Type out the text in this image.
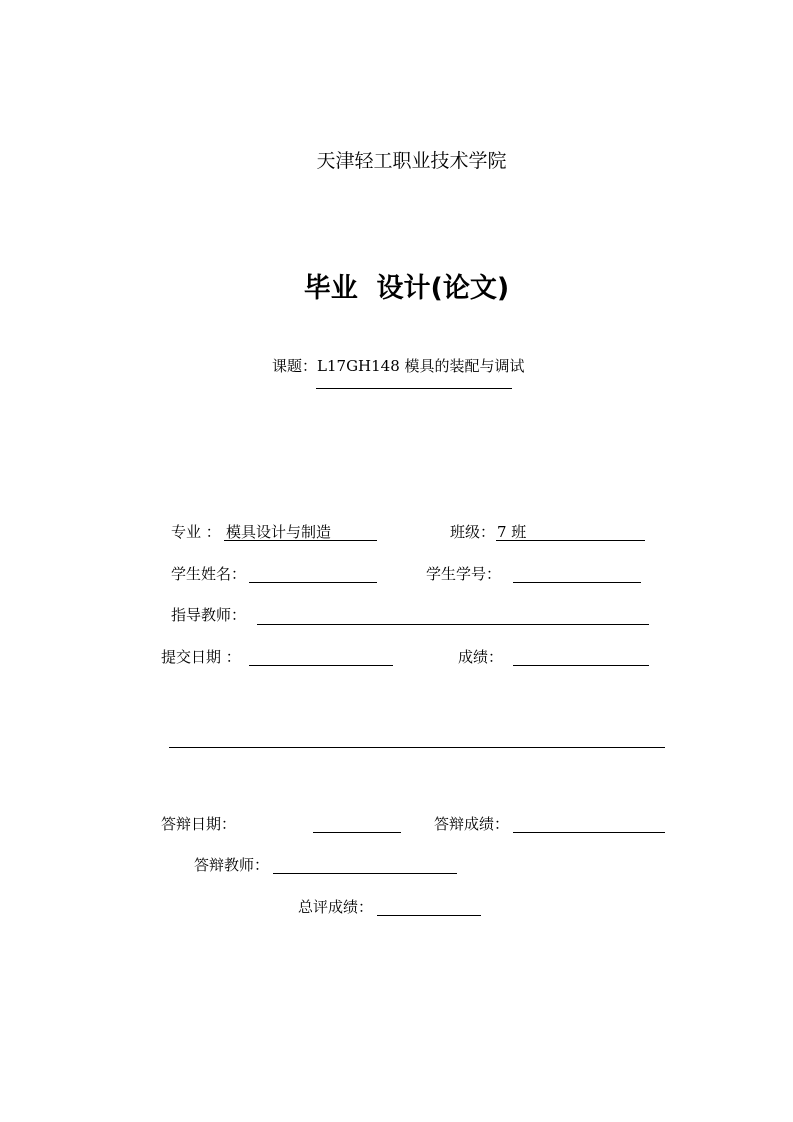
天津轻工职业技术学院
毕业  设计(论文)
课题：L17GH148 模具的装配与调试
专业 ： 模具设计与制造	班级： 7 班
学生姓名：	学生学号：
指导教师：
提交日期 ：	成绩：
答辩日期：	答辩成绩：
答辩教师：
总评成绩：
